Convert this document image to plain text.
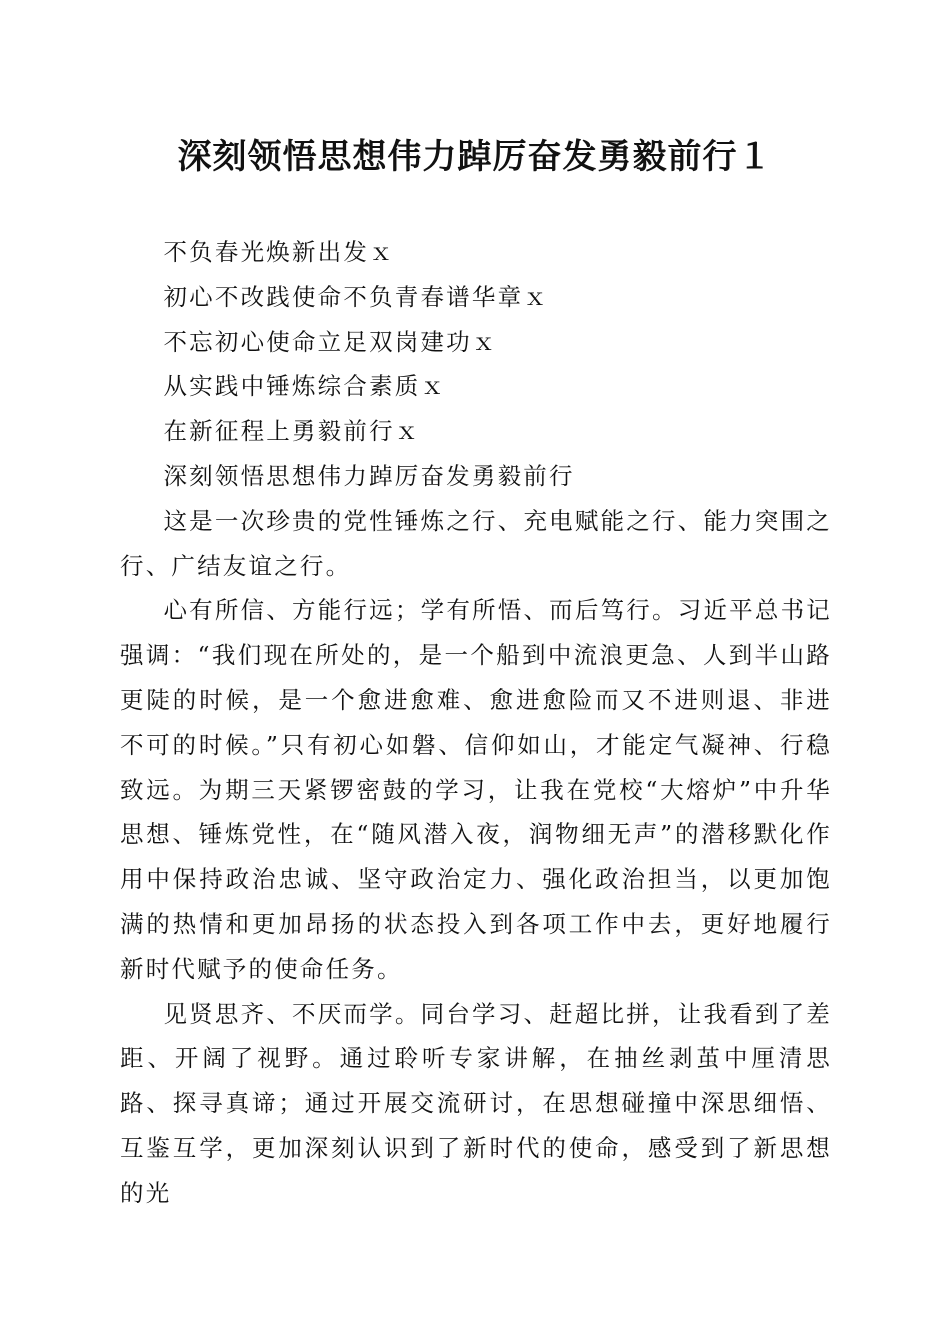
深刻领悟思想伟力踔厉奋发勇毅前行１

不负春光焕新出发ｘ

初心不改践使命不负青春谱华章ｘ

不忘初心使命立足双岗建功ｘ

从实践中锤炼综合素质ｘ

在新征程上勇毅前行ｘ

深刻领悟思想伟力踔厉奋发勇毅前行

这是一次珍贵的党性锤炼之行、充电赋能之行、能力突围之行、广结友谊之行。

心有所信、方能行远；学有所悟、而后笃行。习近平总书记强调：“我们现在所处的，是一个船到中流浪更急、人到半山路更陡的时候，是一个愈进愈难、愈进愈险而又不进则退、非进不可的时候。”只有初心如磐、信仰如山，才能定气凝神、行稳致远。为期三天紧锣密鼓的学习，让我在党校“大熔炉”中升华思想、锤炼党性，在“随风潜入夜，润物细无声”的潜移默化作用中保持政治忠诚、坚守政治定力、强化政治担当，以更加饱满的热情和更加昂扬的状态投入到各项工作中去，更好地履行新时代赋予的使命任务。

见贤思齐、不厌而学。同台学习、赶超比拼，让我看到了差距、开阔了视野。通过聆听专家讲解，在抽丝剥茧中厘清思路、探寻真谛；通过开展交流研讨，在思想碰撞中深思细悟、互鉴互学，更加深刻认识到了新时代的使命，感受到了新思想的光
